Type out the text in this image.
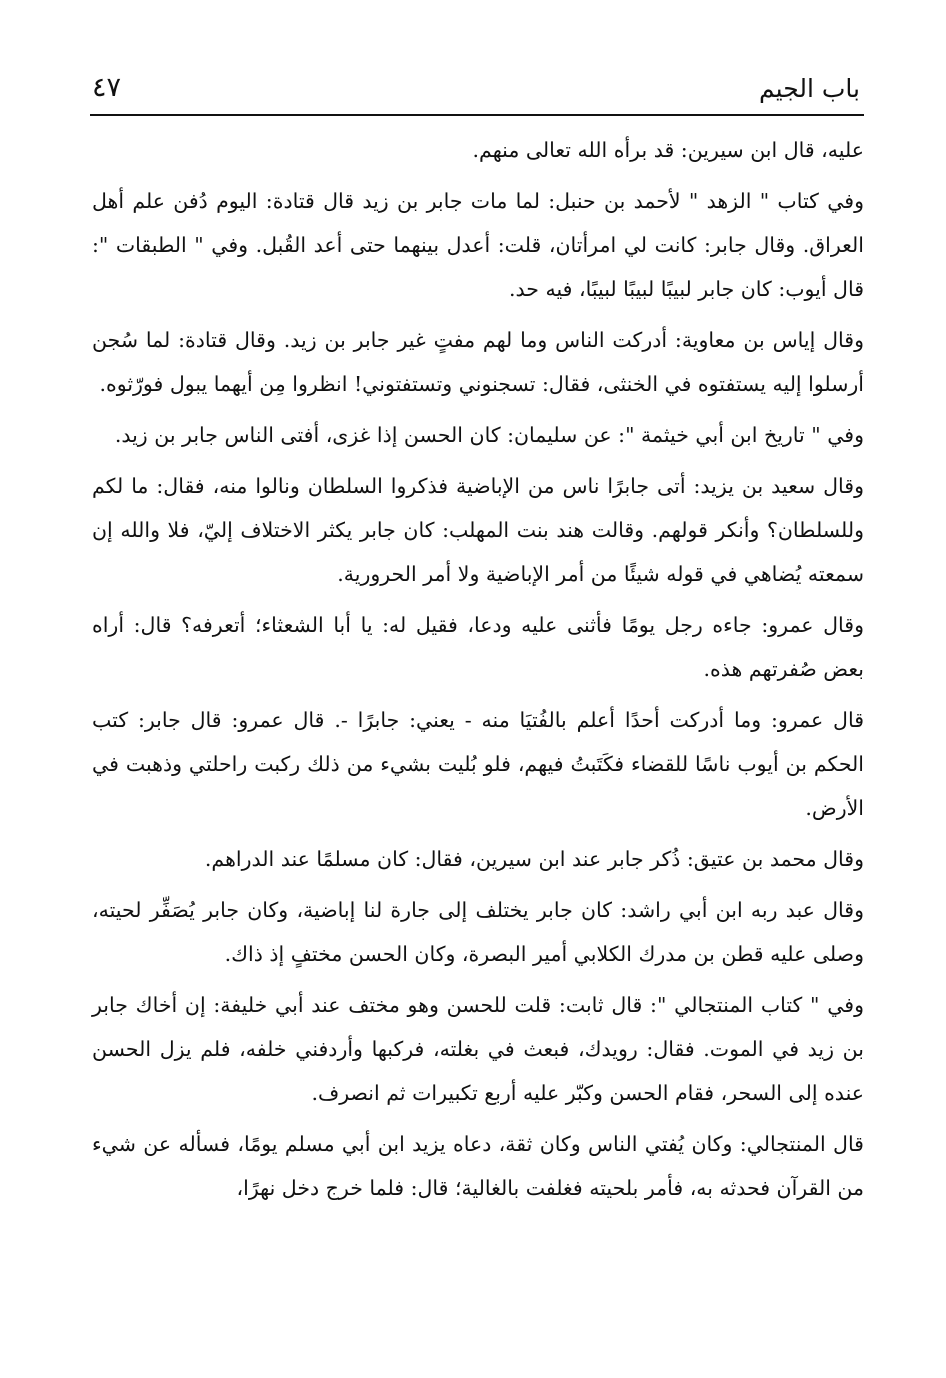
باب الجيم
٤٧

عليه، قال ابن سيرين: قد برأه الله تعالى منهم.

وفي كتاب " الزهد " لأحمد بن حنبل: لما مات جابر بن زيد قال قتادة: اليوم دُفن علم أهل العراق. وقال جابر: كانت لي امرأتان، قلت: أعدل بينهما حتى أعد القُبل. وفي " الطبقات ": قال أيوب: كان جابر لبيبًا لبيبًا لبيبًا، فيه حد.

وقال إياس بن معاوية: أدركت الناس وما لهم مفتٍ غير جابر بن زيد. وقال قتادة: لما سُجن أرسلوا إليه يستفتوه في الخنثى، فقال: تسجنوني وتستفتوني! انظروا مِن أيهما يبول فورّثوه.

وفي " تاريخ ابن أبي خيثمة ": عن سليمان: كان الحسن إذا غزى، أفتى الناس جابر بن زيد.

وقال سعيد بن يزيد: أتى جابرًا ناس من الإباضية فذكروا السلطان ونالوا منه، فقال: ما لكم وللسلطان؟ وأنكر قولهم. وقالت هند بنت المهلب: كان جابر يكثر الاختلاف إليّ، فلا والله إن سمعته يُضاهي في قوله شيئًا من أمر الإباضية ولا أمر الحرورية.

وقال عمرو: جاءه رجل يومًا فأثنى عليه ودعا، فقيل له: يا أبا الشعثاء؛ أتعرفه؟ قال: أراه بعض صُفرتهم هذه.

قال عمرو: وما أدركت أحدًا أعلم بالفُتيَا منه - يعني: جابرًا -. قال عمرو: قال جابر: كتب الحكم بن أيوب ناسًا للقضاء فكَتَبتُ فيهم، فلو بُليت بشيء من ذلك ركبت راحلتي وذهبت في الأرض.

وقال محمد بن عتيق: ذُكر جابر عند ابن سيرين، فقال: كان مسلمًا عند الدراهم.

وقال عبد ربه ابن أبي راشد: كان جابر يختلف إلى جارة لنا إباضية، وكان جابر يُصَفِّر لحيته، وصلى عليه قطن بن مدرك الكلابي أمير البصرة، وكان الحسن مختفٍ إذ ذاك.

وفي " كتاب المنتجالي ": قال ثابت: قلت للحسن وهو مختف عند أبي خليفة: إن أخاك جابر بن زيد في الموت. فقال: رويدك، فبعث في بغلته، فركبها وأردفني خلفه، فلم يزل الحسن عنده إلى السحر، فقام الحسن وكبّر عليه أربع تكبيرات ثم انصرف.

قال المنتجالي: وكان يُفتي الناس وكان ثقة، دعاه يزيد ابن أبي مسلم يومًا، فسأله عن شيء من القرآن فحدثه به، فأمر بلحيته فغلفت بالغالية؛ قال: فلما خرج دخل نهرًا،
